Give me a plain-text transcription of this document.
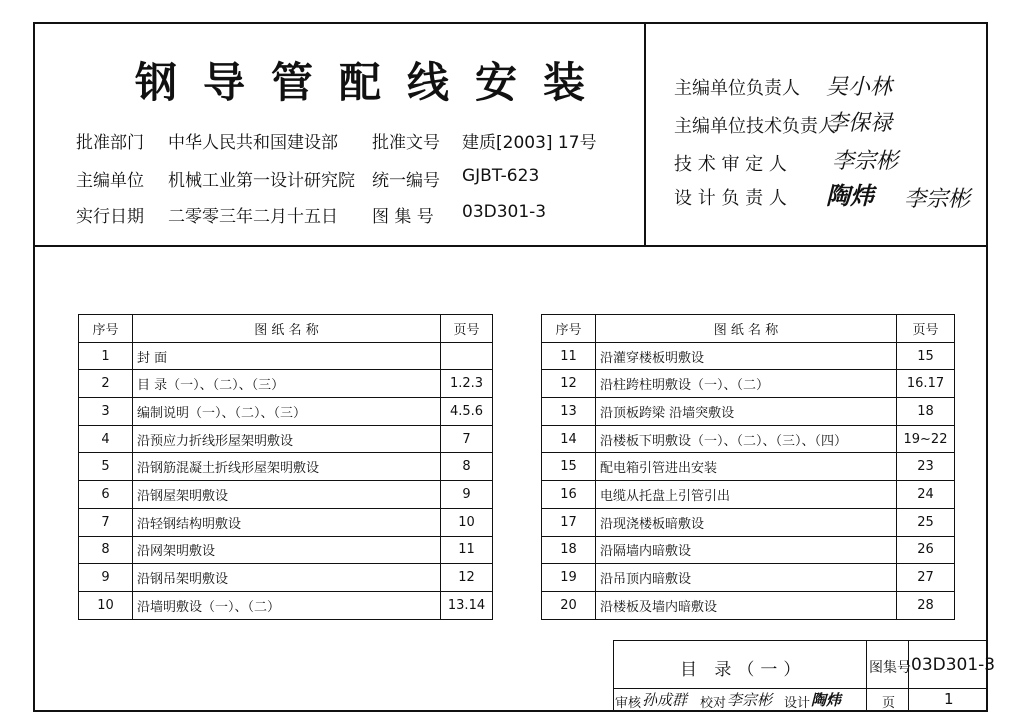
钢导管配线安装
批准部门 中华人民共和国建设部 批准文号 建质[2003] 17号
主编单位 机械工业第一设计研究院 统一编号 GJBT-623
实行日期 二零零三年二月十五日 图 集 号 03D301-3
主编单位负责人 吴小林
主编单位技术负责人
李保禄
技 术 审 定 人 李宗彬
设 计 负 责 人 陶炜 李宗彬
序号	图 纸 名 称	页号
1	封 面	
2	目 录（一）、（二）、（三）	1.2.3
3	编制说明（一）、（二）、（三）	4.5.6
4	沿预应力折线形屋架明敷设	7
5	沿钢筋混凝土折线形屋架明敷设	8
6	沿钢屋架明敷设	9
7	沿轻钢结构明敷设	10
8	沿网架明敷设	11
9	沿钢吊架明敷设	12
10	沿墙明敷设（一）、（二）	13.14
序号	图 纸 名 称	页号
11	沿灌穿楼板明敷设	15
12	沿柱跨柱明敷设（一）、（二）	16.17
13	沿顶板跨梁 沿墙突敷设	18
14	沿楼板下明敷设（一）、（二）、（三）、（四）	19~22
15	配电箱引管进出安装	23
16	电缆从托盘上引管引出	24
17	沿现浇楼板暗敷设	25
18	沿隔墙内暗敷设	26
19	沿吊顶内暗敷设	27
20	沿楼板及墙内暗敷设	28
目 录（一）	图集号 03D301-3
审核 孙成群 校对 李宗彬 设计 陶炜	页	1
